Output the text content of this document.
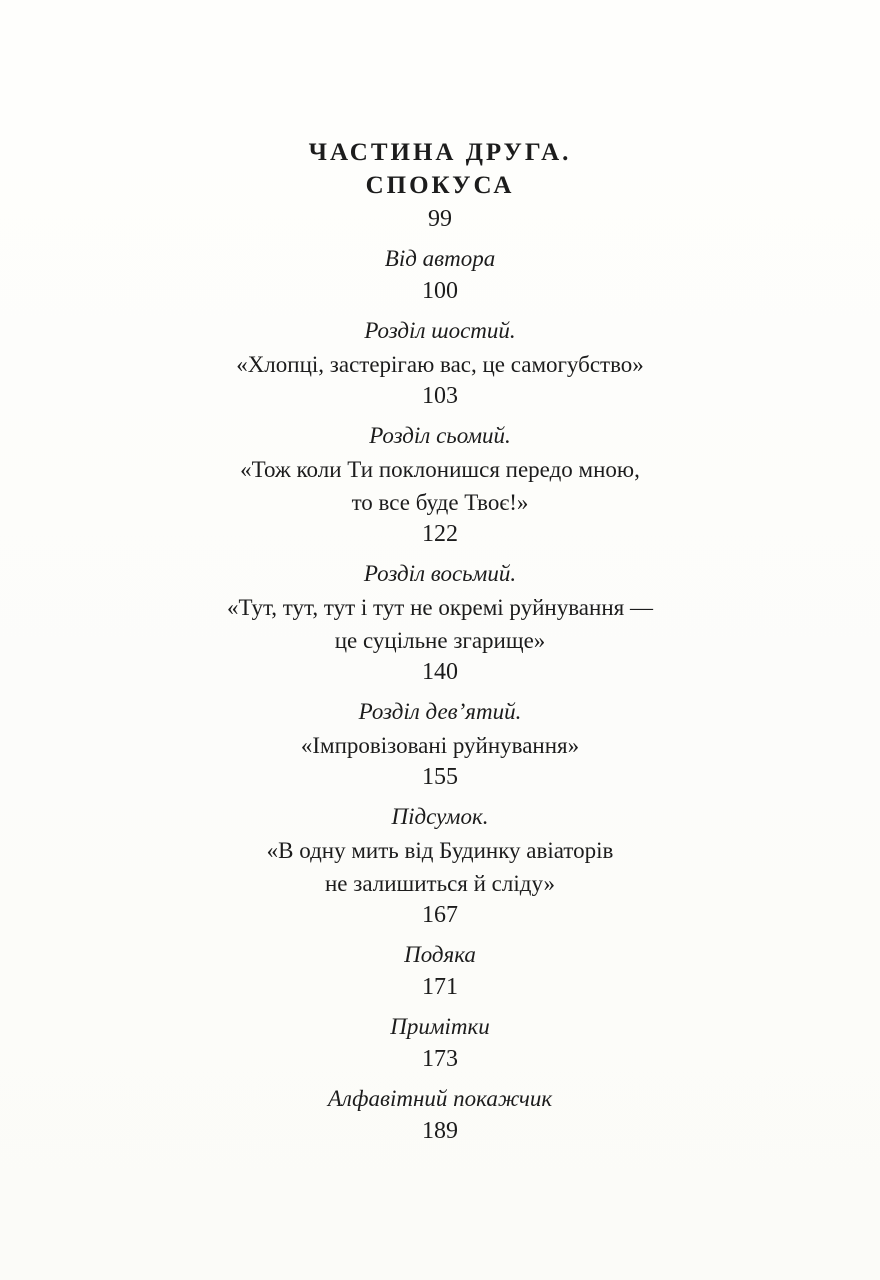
ЧАСТИНА ДРУГА.
СПОКУСА
99
Від автора
100
Розділ шостий.
«Хлопці, застерігаю вас, це самогубство»
103
Розділ сьомий.
«Тож коли Ти поклонишся передо мною,
то все буде Твоє!»
122
Розділ восьмий.
«Тут, тут, тут і тут не окремі руйнування —
це суцільне згарище»
140
Розділ дев’ятий.
«Імпровізовані руйнування»
155
Підсумок.
«В одну мить від Будинку авіаторів
не залишиться й сліду»
167
Подяка
171
Примітки
173
Алфавітний покажчик
189
